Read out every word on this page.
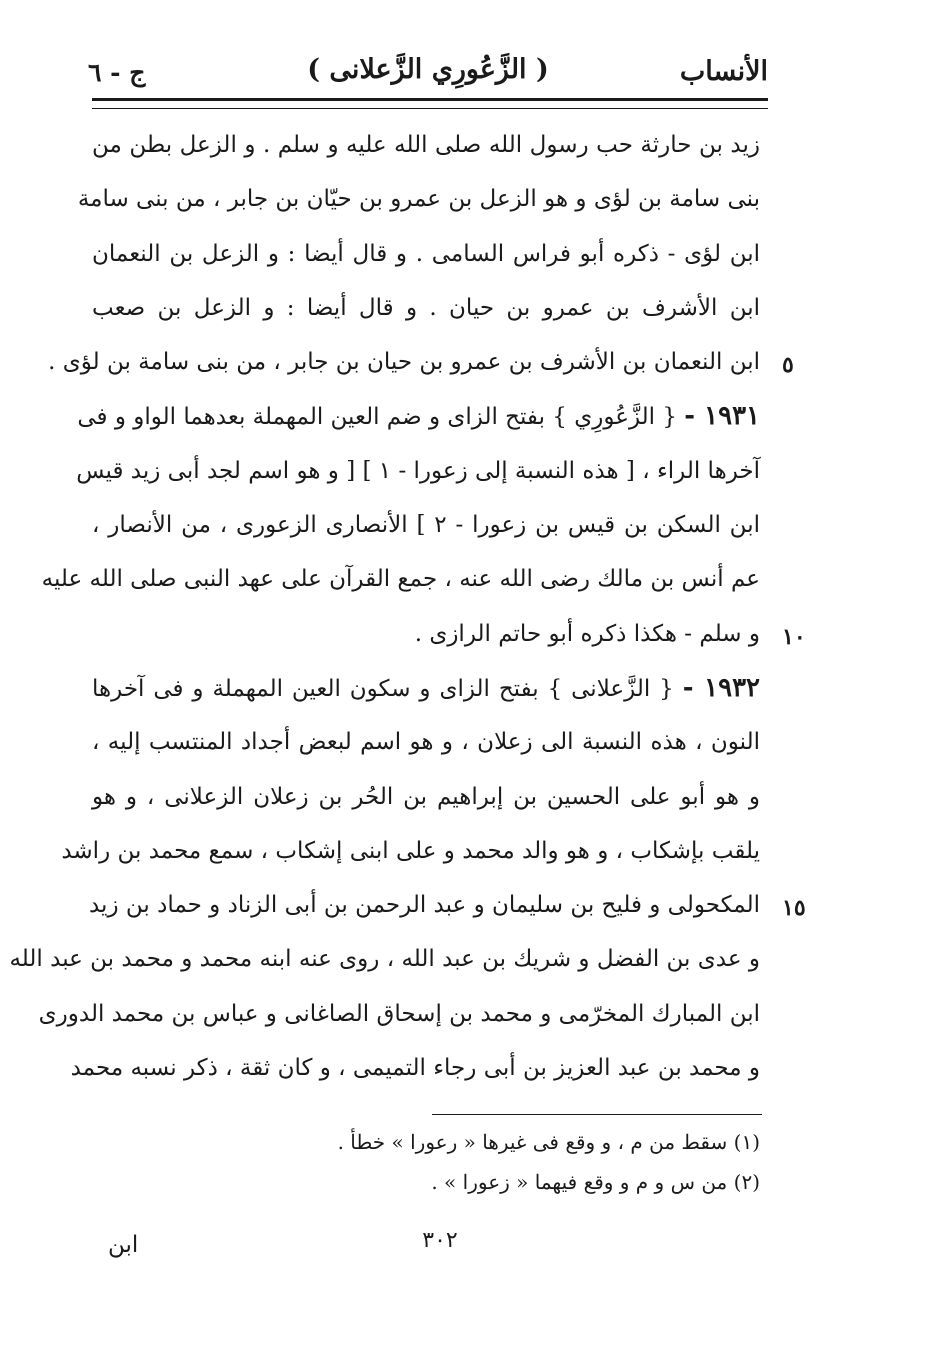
الأنساب
( الزَّعُورِي الزَّعلانى )
ج - ٦
زيد بن حارثة حب رسول الله صلى الله عليه و سلم . و الزعل بطن من
بنى سامة بن لؤى و هو الزعل بن عمرو بن حيّان بن جابر ، من بنى سامة
ابن لؤى - ذكره أبو فراس السامى . و قال أيضا : و الزعل بن النعمان
ابن الأشرف بن عمرو بن حيان . و قال أيضا : و الزعل بن صعب
ابن النعمان بن الأشرف بن عمرو بن حيان بن جابر ، من بنى سامة بن لؤى .
١٩٣١ - { الزَّعُورِي } بفتح الزاى و ضم العين المهملة بعدهما الواو و فى
آخرها الراء ، [ هذه النسبة إلى زعورا - ١ ] [ و هو اسم لجد أبى زيد قيس
ابن السكن بن قيس بن زعورا - ٢ ] الأنصارى الزعورى ، من الأنصار ،
عم أنس بن مالك رضى الله عنه ، جمع القرآن على عهد النبى صلى الله عليه
و سلم - هكذا ذكره أبو حاتم الرازى .
١٩٣٢ - { الزَّعلانى } بفتح الزاى و سكون العين المهملة و فى آخرها
النون ، هذه النسبة الى زعلان ، و هو اسم لبعض أجداد المنتسب إليه ،
و هو أبو على الحسين بن إبراهيم بن الحُر بن زعلان الزعلانى ، و هو
يلقب بإشكاب ، و هو والد محمد و على ابنى إشكاب ، سمع محمد بن راشد
المكحولى و فليح بن سليمان و عبد الرحمن بن أبى الزناد و حماد بن زيد
و عدى بن الفضل و شريك بن عبد الله ، روى عنه ابنه محمد و محمد بن عبد الله
ابن المبارك المخرّمى و محمد بن إسحاق الصاغانى و عباس بن محمد الدورى
و محمد بن عبد العزيز بن أبى رجاء التميمى ، و كان ثقة ، ذكر نسبه محمد
٥
١٠
١٥
(١) سقط من م ، و وقع فى غيرها « رعورا » خطأ .
(٢) من س و م و وقع فيهما « زعورا » .
٣٠٢
ابن
